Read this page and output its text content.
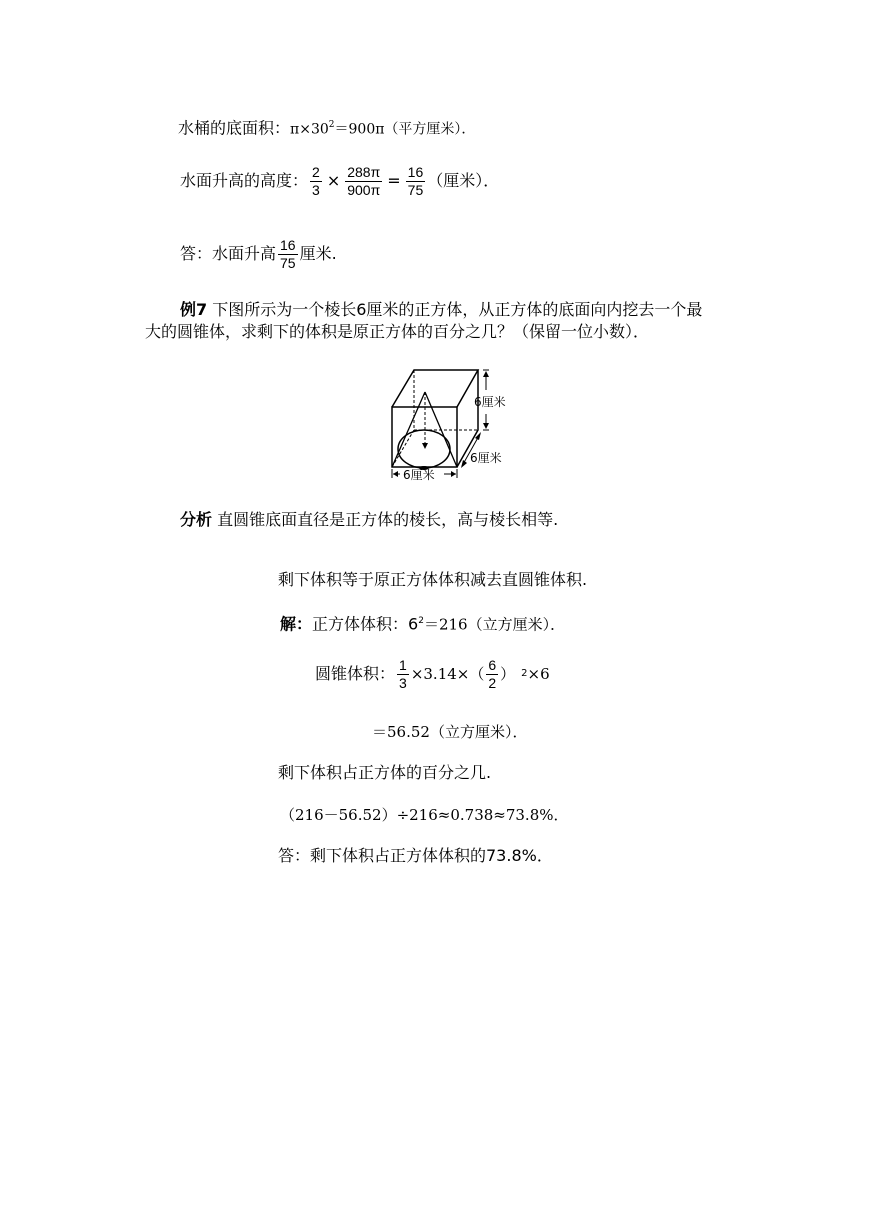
水桶的底面积：$\pi\times 30^2=900\pi$（平方厘米）．
水面升高的高度： $\frac{2}{3} \times \frac{288\pi}{900\pi} = \frac{16}{75}$ （厘米）．
答：水面升高 $\frac{16}{75}$ 厘米.
例7 下图所示为一个棱长6厘米的正方体，从正方体的底面向内挖去一个最
大的圆锥体，求剩下的体积是原正方体的百分之几？（保留一位小数）．
6厘米
6厘米
6厘米
分析 直圆锥底面直径是正方体的棱长，高与棱长相等.
剩下体积等于原正方体体积减去直圆锥体积.
解：正方体体积：$6^2=216$（立方厘米）．
圆锥体积： $\frac{1}{3} \times 3.14\times( \frac{6}{2}$ ） 2 ×6
＝56.52（立方厘米）．
剩下体积占正方体的百分之几.
（216－56.52）÷216≈0.738≈73.8%．
答：剩下体积占正方体体积的73.8%．
